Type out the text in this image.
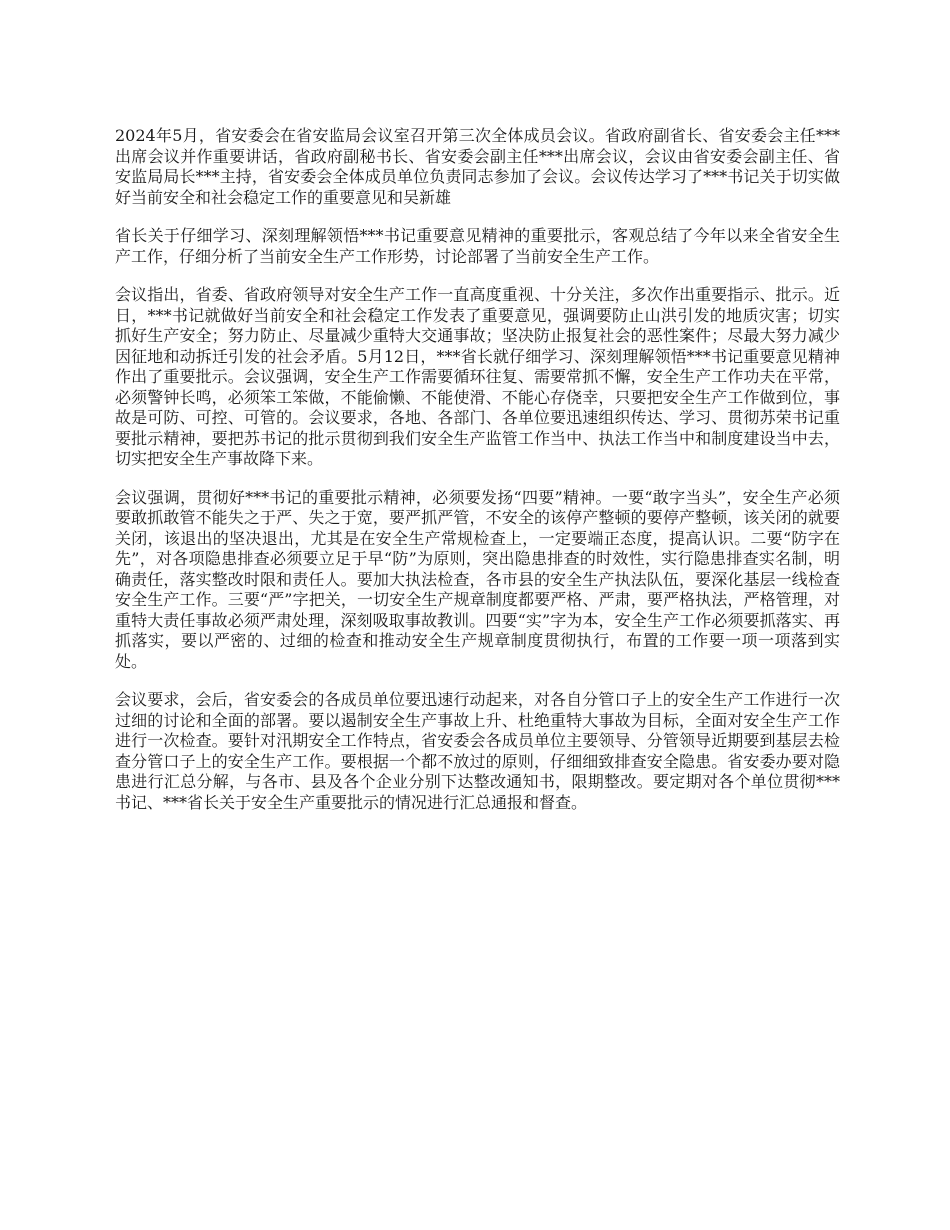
2024年5月，省安委会在省安监局会议室召开第三次全体成员会议。省政府副省长、省安委会主任***出席会议并作重要讲话，省政府副秘书长、省安委会副主任***出席会议，会议由省安委会副主任、省安监局局长***主持，省安委会全体成员单位负责同志参加了会议。会议传达学习了***书记关于切实做好当前安全和社会稳定工作的重要意见和吴新雄

省长关于仔细学习、深刻理解领悟***书记重要意见精神的重要批示，客观总结了今年以来全省安全生产工作，仔细分析了当前安全生产工作形势，讨论部署了当前安全生产工作。

会议指出，省委、省政府领导对安全生产工作一直高度重视、十分关注，多次作出重要指示、批示。近日，***书记就做好当前安全和社会稳定工作发表了重要意见，强调要防止山洪引发的地质灾害；切实抓好生产安全；努力防止、尽量减少重特大交通事故；坚决防止报复社会的恶性案件；尽最大努力减少因征地和动拆迁引发的社会矛盾。5月12日，***省长就仔细学习、深刻理解领悟***书记重要意见精神作出了重要批示。会议强调，安全生产工作需要循环往复、需要常抓不懈，安全生产工作功夫在平常，必须警钟长鸣，必须笨工笨做，不能偷懒、不能使滑、不能心存侥幸，只要把安全生产工作做到位，事故是可防、可控、可管的。会议要求，各地、各部门、各单位要迅速组织传达、学习、贯彻苏荣书记重要批示精神，要把苏书记的批示贯彻到我们安全生产监管工作当中、执法工作当中和制度建设当中去，切实把安全生产事故降下来。

会议强调，贯彻好***书记的重要批示精神，必须要发扬“四要”精神。一要“敢字当头”，安全生产必须要敢抓敢管不能失之于严、失之于宽，要严抓严管，不安全的该停产整顿的要停产整顿，该关闭的就要关闭，该退出的坚决退出，尤其是在安全生产常规检查上，一定要端正态度，提高认识。二要“防字在先”，对各项隐患排查必须要立足于早“防”为原则，突出隐患排查的时效性，实行隐患排查实名制，明确责任，落实整改时限和责任人。要加大执法检查，各市县的安全生产执法队伍，要深化基层一线检查安全生产工作。三要“严”字把关，一切安全生产规章制度都要严格、严肃，要严格执法，严格管理，对重特大责任事故必须严肃处理，深刻吸取事故教训。四要“实”字为本，安全生产工作必须要抓落实、再抓落实，要以严密的、过细的检查和推动安全生产规章制度贯彻执行，布置的工作要一项一项落到实处。

会议要求，会后，省安委会的各成员单位要迅速行动起来，对各自分管口子上的安全生产工作进行一次过细的讨论和全面的部署。要以遏制安全生产事故上升、杜绝重特大事故为目标，全面对安全生产工作进行一次检查。要针对汛期安全工作特点，省安委会各成员单位主要领导、分管领导近期要到基层去检查分管口子上的安全生产工作。要根据一个都不放过的原则，仔细细致排查安全隐患。省安委办要对隐患进行汇总分解，与各市、县及各个企业分别下达整改通知书，限期整改。要定期对各个单位贯彻***书记、***省长关于安全生产重要批示的情况进行汇总通报和督查。
